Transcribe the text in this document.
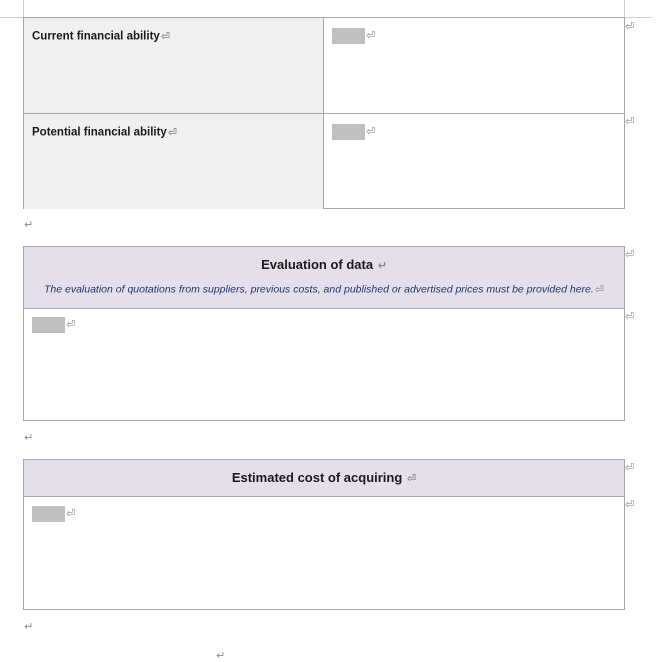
Current financial ability⏎	⏎
Potential financial ability⏎	⏎
⏎
⏎
↵
Evaluation of data ↵
The evaluation of quotations from suppliers, previous costs, and published or advertised prices must be provided here.⏎
⏎
⏎
⏎
↵
Estimated cost of acquiring ⏎
⏎
⏎
⏎
↵
↵
